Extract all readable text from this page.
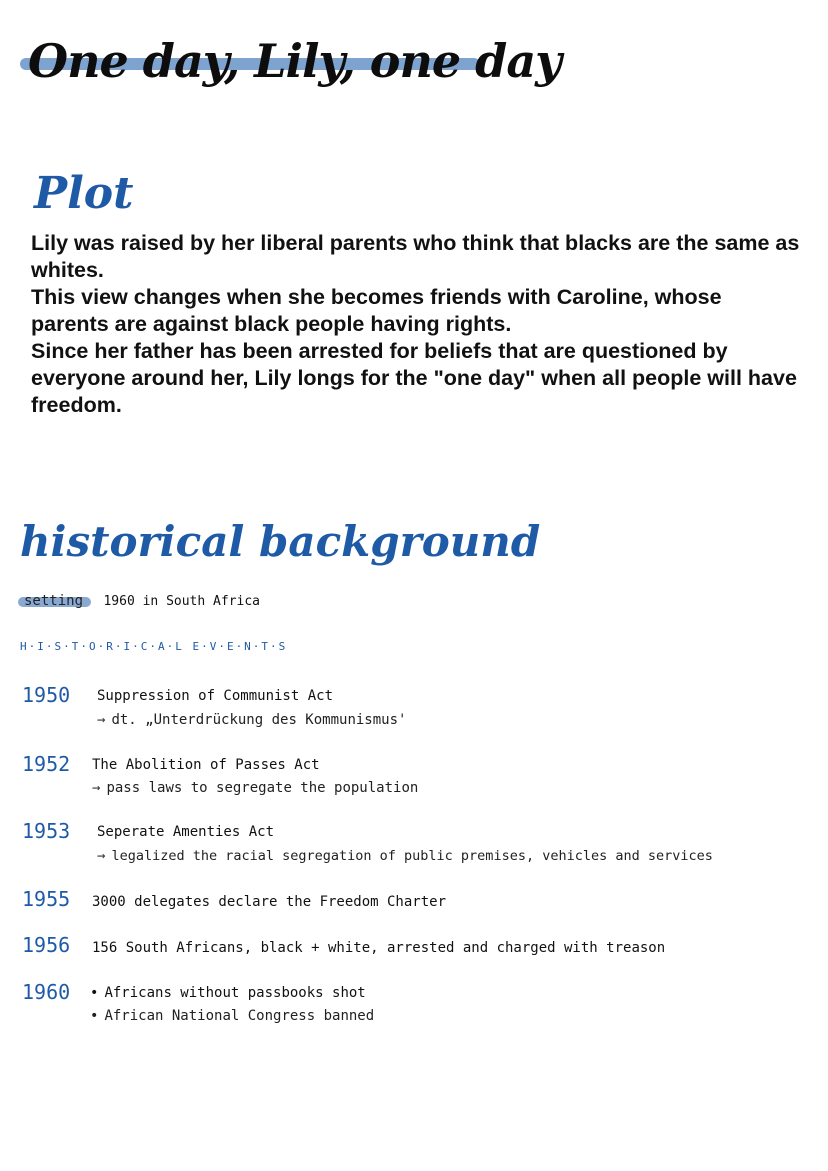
One day, Lily, one day
Plot

Lily was raised by her liberal parents who think that blacks are the same as whites.

This view changes when she becomes friends with Caroline, whose parents are against black people having rights.

Since her father has been arrested for beliefs that are questioned by everyone around her, Lily longs for the "one day" when all people will have freedom.

historical background
setting 1960 in South Africa

H·I·S·T·O·R·I·C·A·L E·V·E·N·T·S

1950 Suppression of Communist Act
→ dt. „Unterdrückung des Kommunismus'
1952 The Abolition of Passes Act
→ pass laws to segregate the population
1953 Seperate Amenties Act
→ legalized the racial segregation of public premises, vehicles and services
1955 3000 delegates declare the Freedom Charter
1956 156 South Africans, black + white, arrested and charged with treason
1960 • Africans without passbooks shot
• African National Congress banned
